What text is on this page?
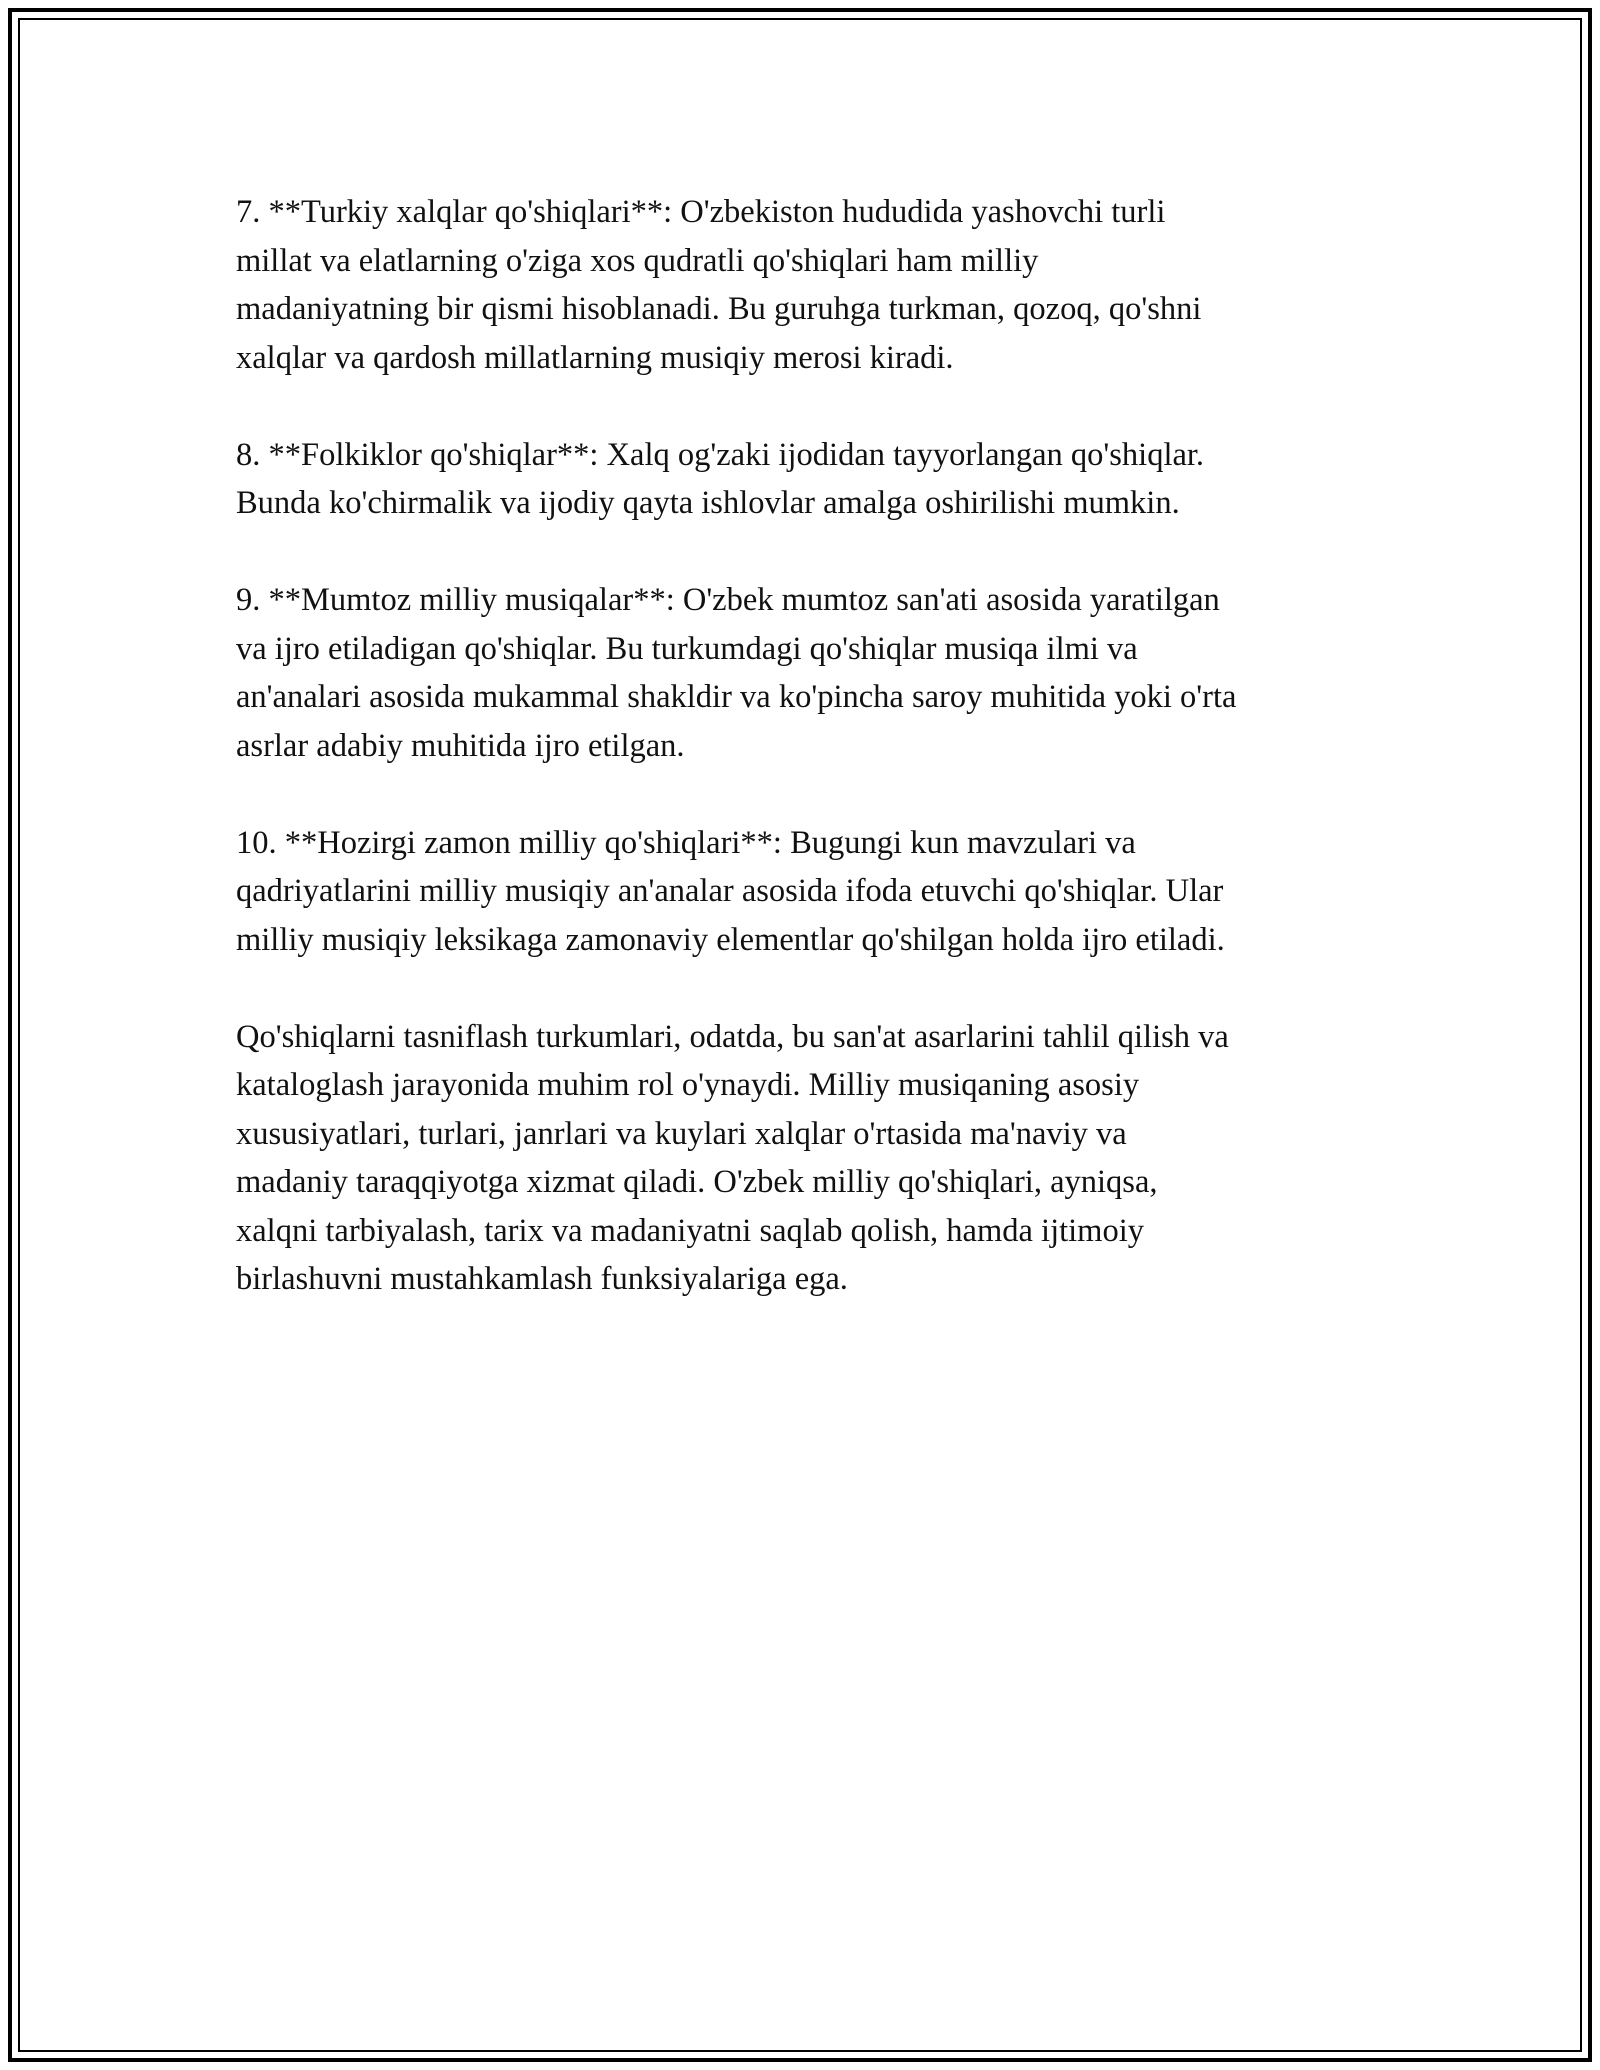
7. **Turkiy xalqlar qo'shiqlari**: O'zbekiston hududida yashovchi turli
millat va elatlarning o'ziga xos qudratli qo'shiqlari ham milliy
madaniyatning bir qismi hisoblanadi. Bu guruhga turkman, qozoq, qo'shni
xalqlar va qardosh millatlarning musiqiy merosi kiradi.

8. **Folkiklor qo'shiqlar**: Xalq og'zaki ijodidan tayyorlangan qo'shiqlar.
Bunda ko'chirmalik va ijodiy qayta ishlovlar amalga oshirilishi mumkin.

9. **Mumtoz milliy musiqalar**: O'zbek mumtoz san'ati asosida yaratilgan
va ijro etiladigan qo'shiqlar. Bu turkumdagi qo'shiqlar musiqa ilmi va
an'analari asosida mukammal shakldir va ko'pincha saroy muhitida yoki o'rta
asrlar adabiy muhitida ijro etilgan.

10. **Hozirgi zamon milliy qo'shiqlari**: Bugungi kun mavzulari va
qadriyatlarini milliy musiqiy an'analar asosida ifoda etuvchi qo'shiqlar. Ular
milliy musiqiy leksikaga zamonaviy elementlar qo'shilgan holda ijro etiladi.

Qo'shiqlarni tasniflash turkumlari, odatda, bu san'at asarlarini tahlil qilish va
kataloglash jarayonida muhim rol o'ynaydi. Milliy musiqaning asosiy
xususiyatlari, turlari, janrlari va kuylari xalqlar o'rtasida ma'naviy va
madaniy taraqqiyotga xizmat qiladi. O'zbek milliy qo'shiqlari, ayniqsa,
xalqni tarbiyalash, tarix va madaniyatni saqlab qolish, hamda ijtimoiy
birlashuvni mustahkamlash funksiyalariga ega.
